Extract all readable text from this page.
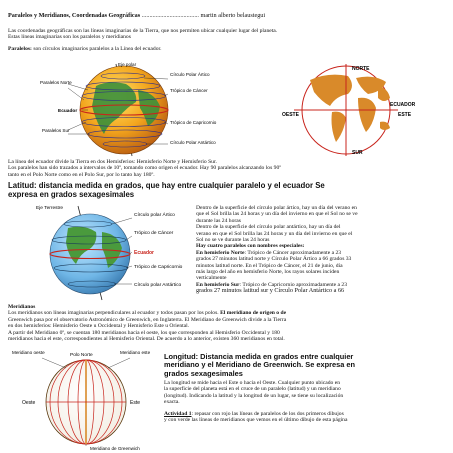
Paralelos y Meridianos, Coordenadas Geográficas ..................................... martin alberto belaustegui
Las coordenadas geográficas son las líneas imaginarias de la Tierra, que nos permiten ubicar cualquier lugar del planeta.
Estas líneas imaginarias son los paralelos y meridianos
Paralelos: son círculos imaginarios paralelos a la Línea del ecuador.
Eje polar
Círculo Polar Ártico
Trópico de Cáncer
Paralelos Norte
Ecuador
Paralelos Sur
Trópico de Capricornio
Círculo Polar Antártico
NORTE
SUR
OESTE	ESTE
ECUADOR
La línea del ecuador divide la Tierra en dos Hemisferios: Hemisferio Norte y Hemisferio Sur.
Los paralelos han sido trazados a intervalos de 10º, tomando como origen el ecuador. Hay 90 paralelos alcanzando los 90º
tanto en el Polo Norte como en el Polo Sur, por lo tanto hay 180º.
Latitud: distancia medida en grados, que hay entre cualquier paralelo y el ecuador Se
expresa en grados sexagesimales
Eje Terrestre
Círculo polar Ártico
Trópico de Cáncer
Ecuador
Trópico de Capricornio
Círculo polar Antártico
Dentro de la superficie del círculo polar ártico, hay un día del verano en
que el Sol brilla las 24 horas y un día del invierno en que el Sol no se ve
durante las 24 horas
Dentro de la superficie del círculo polar antártico, hay un día del
verano en que el Sol brilla las 24 horas y un día del invierno en que el
Sol no se ve durante las 24 horas
Hay cuatro paralelos con nombres especiales:
En hemisferio Norte: Trópico de Cáncer aproximadamente a 23
grados 27 minutos latitud norte y Círculo Polar Ártico a 66 grados 33
minutos latitud norte. En el Trópico de Cáncer, el 21 de junio, día
más largo del año en hemisferio Norte, los rayos solares inciden
verticalmente
En hemisferio Sur: Trópico de Capricornio aproximadamente a 23
grados 27 minutos latitud sur y Círculo Polar Antártico a 66
Meridianos
Los meridianos son líneas imaginarias perpendiculares al ecuador y todos pasan por los polos. El meridiano de origen o de
Greenwich pasa por el observatorio Astronómico de Greenwich, en Inglaterra. El Meridiano de Greenwich divide a la Tierra
en dos hemisferios: Hemisferio Oeste u Occidental y Hemisferio Este u Oriental.
A partir del Meridiano 0º, se cuentan 180 meridianos hacia el oeste, los que corresponden al Hemisferio Occidental y 180
meridianos hacia el este, correspondientes al Hemisferio Oriental. De acuerdo a lo anterior, existen 360 meridianos en total.
Meridiano oeste
Polo Norte
Meridiano este
Oeste	Este
Meridiano de Greenwich
Longitud: Distancia medida en grados entre cualquier
meridiano y el Meridiano de Greenwich. Se expresa en
grados sexagesimales
La longitud se mide hacia el Este o hacia el Oeste. Cualquier punto ubicado en
la superficie del planeta está en el cruce de un paralelo (latitud) y un meridiano
(longitud). Indicando la latitud y la longitud de un lugar, se tiene su localización
exacta.
Actividad 1: repasar con rojo las líneas de paralelos de los dos primeros dibujos
y con verde las líneas de meridianos que vemos en el último dibujo de esta página
